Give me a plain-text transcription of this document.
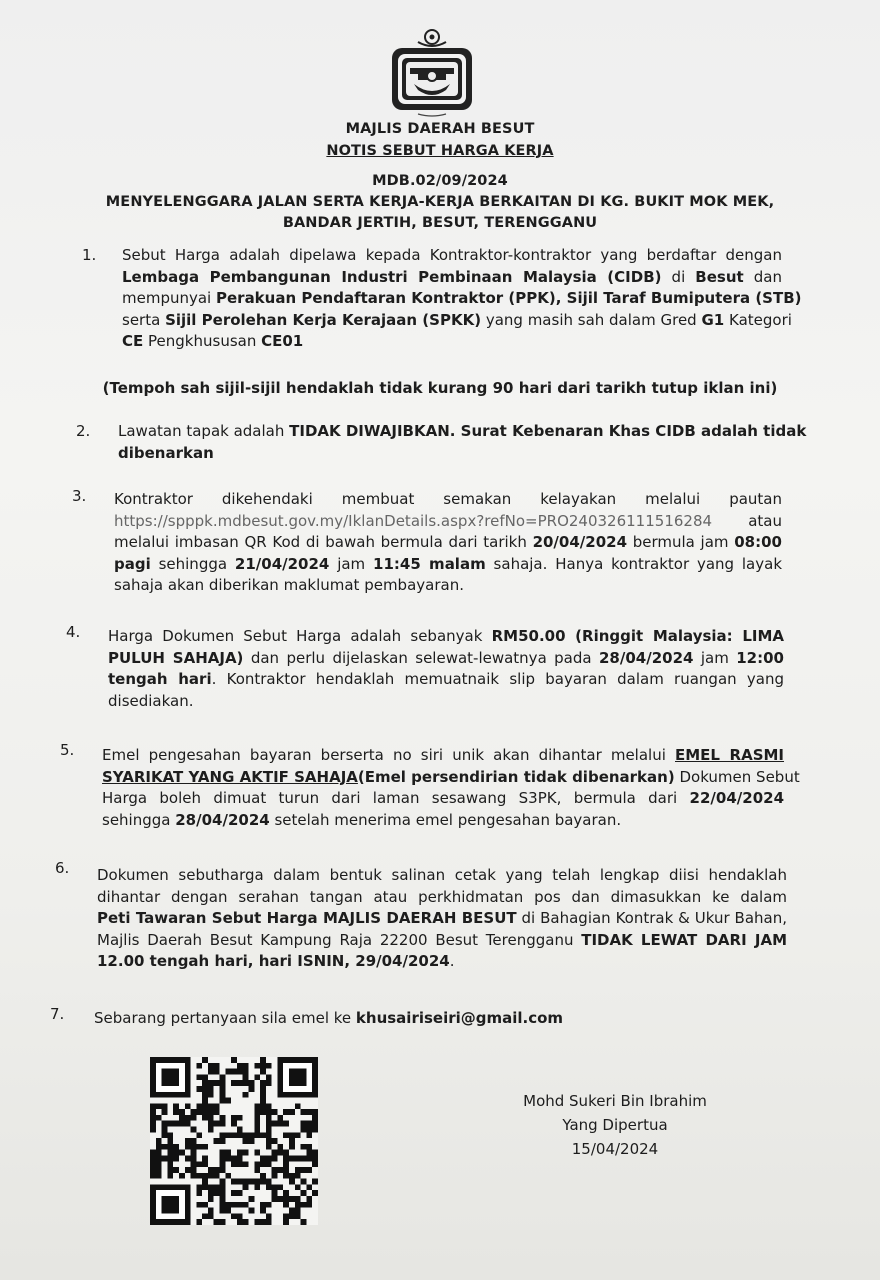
MAJLIS DAERAH BESUT
NOTIS SEBUT HARGA KERJA
MDB.02/09/2024
MENYELENGGARA JALAN SERTA KERJA-KERJA BERKAITAN DI KG. BUKIT MOK MEK,
BANDAR JERTIH, BESUT, TERENGGANU
1. Sebut Harga adalah dipelawa kepada Kontraktor-kontraktor yang berdaftar dengan
Lembaga Pembangunan Industri Pembinaan Malaysia (CIDB) di Besut dan
mempunyai Perakuan Pendaftaran Kontraktor (PPK), Sijil Taraf Bumiputera (STB)
serta Sijil Perolehan Kerja Kerajaan (SPKK) yang masih sah dalam Gred G1 Kategori
CE Pengkhususan CE01
(Tempoh sah sijil-sijil hendaklah tidak kurang 90 hari dari tarikh tutup iklan ini)
2. Lawatan tapak adalah TIDAK DIWAJIBKAN. Surat Kebenaran Khas CIDB adalah tidak
dibenarkan
3. Kontraktor dikehendaki membuat semakan kelayakan melalui pautan
https://spppk.mdbesut.gov.my/IklanDetails.aspx?refNo=PRO240326111516284 atau
melalui imbasan QR Kod di bawah bermula dari tarikh 20/04/2024 bermula jam 08:00
pagi sehingga 21/04/2024 jam 11:45 malam sahaja. Hanya kontraktor yang layak
sahaja akan diberikan maklumat pembayaran.
4. Harga Dokumen Sebut Harga adalah sebanyak RM50.00 (Ringgit Malaysia: LIMA
PULUH SAHAJA) dan perlu dijelaskan selewat-lewatnya pada 28/04/2024 jam 12:00
tengah hari. Kontraktor hendaklah memuatnaik slip bayaran dalam ruangan yang
disediakan.
5. Emel pengesahan bayaran berserta no siri unik akan dihantar melalui EMEL RASMI
SYARIKAT YANG AKTIF SAHAJA(Emel persendirian tidak dibenarkan) Dokumen Sebut
Harga boleh dimuat turun dari laman sesawang S3PK, bermula dari 22/04/2024
sehingga 28/04/2024 setelah menerima emel pengesahan bayaran.
6. Dokumen sebutharga dalam bentuk salinan cetak yang telah lengkap diisi hendaklah
dihantar dengan serahan tangan atau perkhidmatan pos dan dimasukkan ke dalam
Peti Tawaran Sebut Harga MAJLIS DAERAH BESUT di Bahagian Kontrak & Ukur Bahan,
Majlis Daerah Besut Kampung Raja 22200 Besut Terengganu TIDAK LEWAT DARI JAM
12.00 tengah hari, hari ISNIN, 29/04/2024.
7. Sebarang pertanyaan sila emel ke khusairiseiri@gmail.com
Mohd Sukeri Bin Ibrahim
Yang Dipertua
15/04/2024
